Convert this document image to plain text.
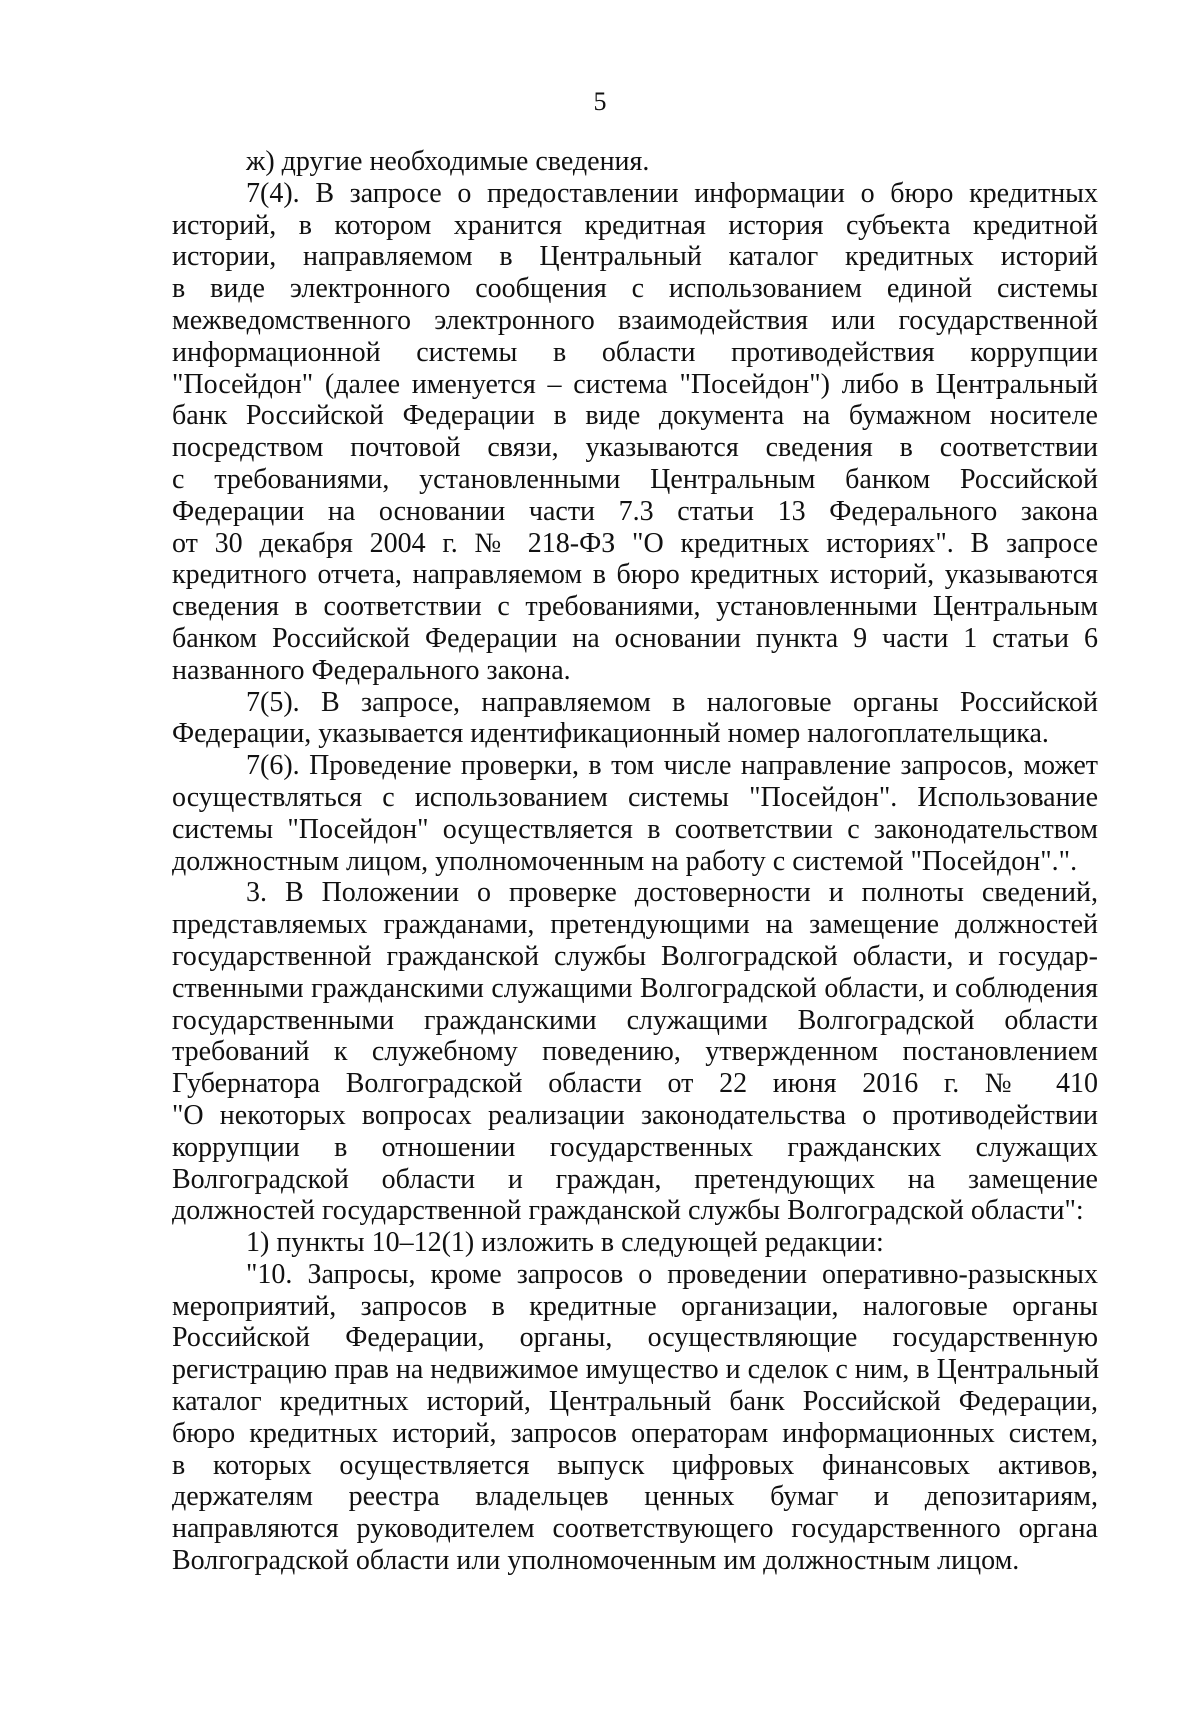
5
ж) другие необходимые сведения.
7(4). В запросе о предоставлении информации о бюро кредитных
историй, в котором хранится кредитная история субъекта кредитной
истории, направляемом в Центральный каталог кредитных историй
в виде электронного сообщения с использованием единой системы
межведомственного электронного взаимодействия или государственной
информационной системы в области противодействия коррупции
"Посейдон" (далее именуется – система "Посейдон") либо в Центральный
банк Российской Федерации в виде документа на бумажном носителе
посредством почтовой связи, указываются сведения в соответствии
с требованиями, установленными Центральным банком Российской
Федерации на основании части 7.3 статьи 13 Федерального закона
от 30 декабря 2004 г. № 218-ФЗ "О кредитных историях". В запросе
кредитного отчета, направляемом в бюро кредитных историй, указываются
сведения в соответствии с требованиями, установленными Центральным
банком Российской Федерации на основании пункта 9 части 1 статьи 6
названного Федерального закона.
7(5). В запросе, направляемом в налоговые органы Российской
Федерации, указывается идентификационный номер налогоплательщика.
7(6). Проведение проверки, в том числе направление запросов, может
осуществляться с использованием системы "Посейдон". Использование
системы "Посейдон" осуществляется в соответствии с законодательством
должностным лицом, уполномоченным на работу с системой "Посейдон".".
3. В Положении о проверке достоверности и полноты сведений,
представляемых гражданами, претендующими на замещение должностей
государственной гражданской службы Волгоградской области, и государ-
ственными гражданскими служащими Волгоградской области, и соблюдения
государственными гражданскими служащими Волгоградской области
требований к служебному поведению, утвержденном постановлением
Губернатора Волгоградской области от 22 июня 2016 г. № 410
"О некоторых вопросах реализации законодательства о противодействии
коррупции в отношении государственных гражданских служащих
Волгоградской области и граждан, претендующих на замещение
должностей государственной гражданской службы Волгоградской области":
1) пункты 10–12(1) изложить в следующей редакции:
"10. Запросы, кроме запросов о проведении оперативно-разыскных
мероприятий, запросов в кредитные организации, налоговые органы
Российской Федерации, органы, осуществляющие государственную
регистрацию прав на недвижимое имущество и сделок с ним, в Центральный
каталог кредитных историй, Центральный банк Российской Федерации,
бюро кредитных историй, запросов операторам информационных систем,
в которых осуществляется выпуск цифровых финансовых активов,
держателям реестра владельцев ценных бумаг и депозитариям,
направляются руководителем соответствующего государственного органа
Волгоградской области или уполномоченным им должностным лицом.
